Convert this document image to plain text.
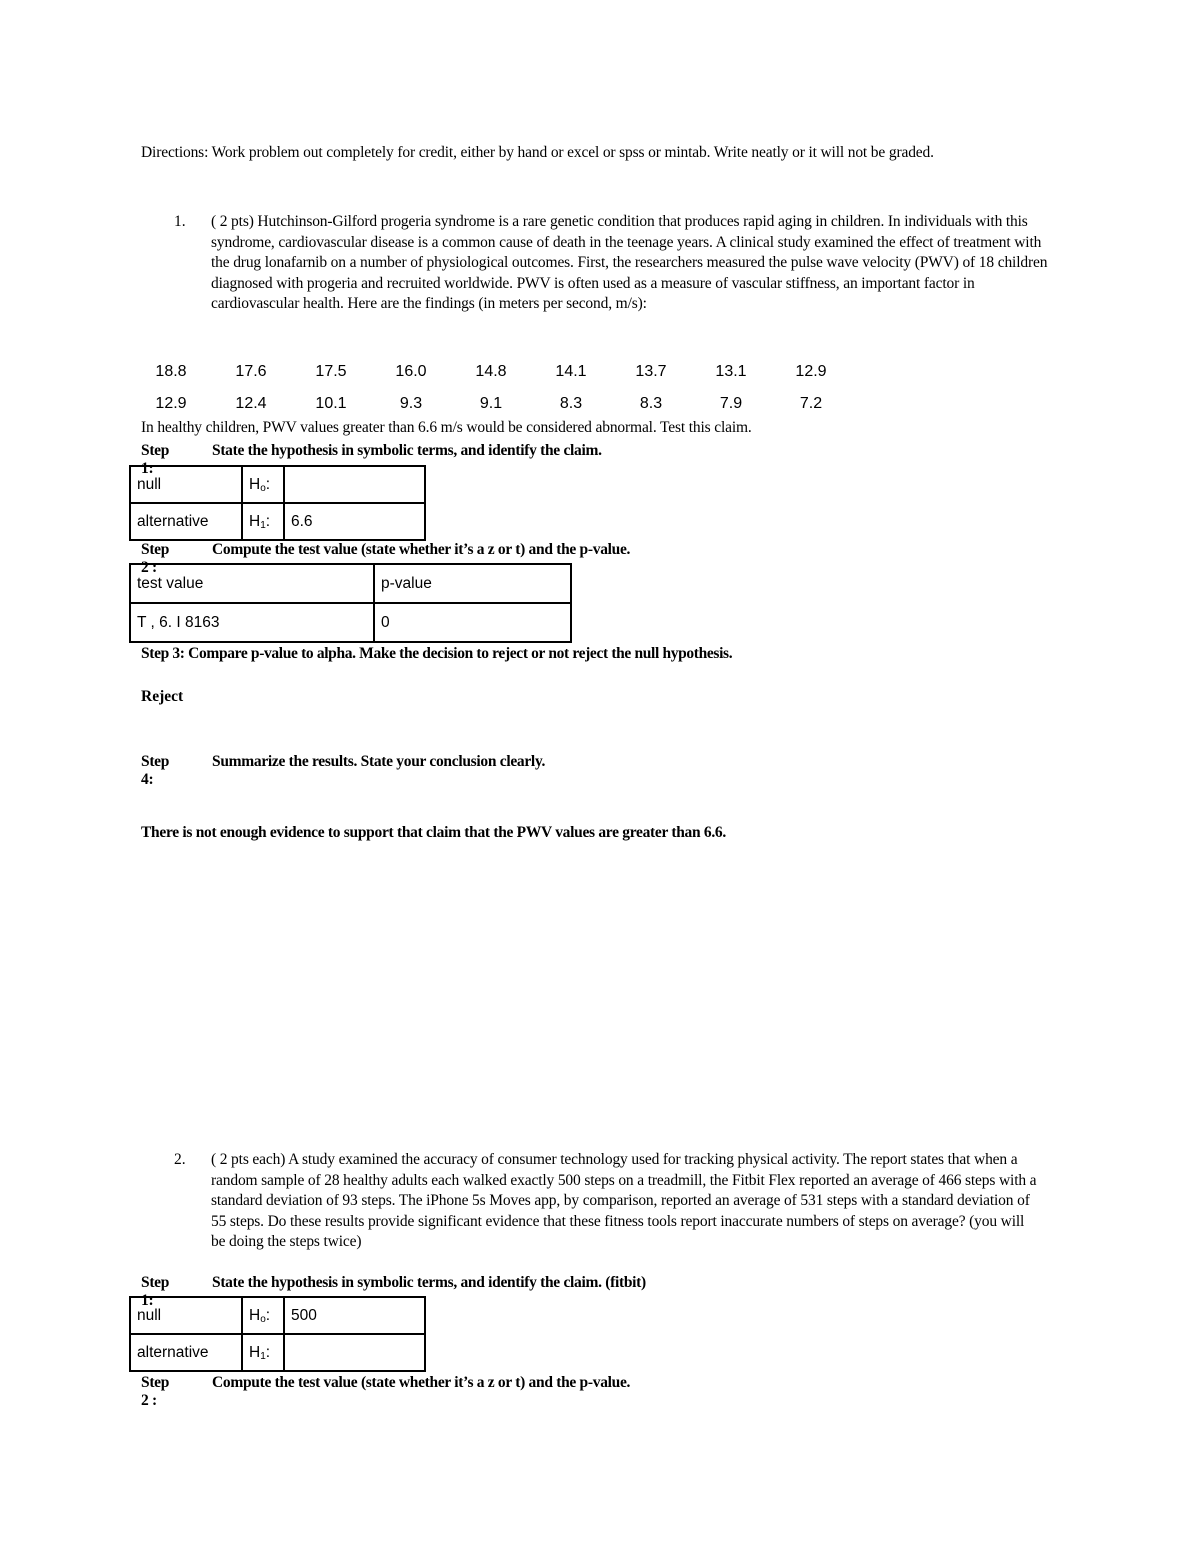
Directions: Work problem out completely for credit, either by hand or excel or spss or mintab. Write neatly or it will not be graded.
1. ( 2 pts) Hutchinson-Gilford progeria syndrome is a rare genetic condition that produces rapid aging in children. In individuals with this syndrome, cardiovascular disease is a common cause of death in the teenage years. A clinical study examined the effect of treatment with the drug lonafarnib on a number of physiological outcomes. First, the researchers measured the pulse wave velocity (PWV) of 18 children diagnosed with progeria and recruited worldwide. PWV is often used as a measure of vascular stiffness, an important factor in cardiovascular health. Here are the findings (in meters per second, m/s):
18.8	17.6	17.5	16.0	14.8	14.1	13.7	13.1	12.9
12.9	12.4	10.1	9.3	9.1	8.3	8.3	7.9	7.2
In healthy children, PWV values greater than 6.6 m/s would be considered abnormal. Test this claim.
Step 1:
State the hypothesis in symbolic terms, and identify the claim.
null	$H_o$:	
alternative	$H_1$:	6.6
Step 2 :
Compute the test value (state whether it’s a z or t) and the p-value.
test value	p-value
T , 6. I 8163	0
Step 3: Compare p-value to alpha. Make the decision to reject or not reject the null hypothesis.
Reject
Step 4:
Summarize the results. State your conclusion clearly.
There is not enough evidence to support that claim that the PWV values are greater than 6.6.
2. ( 2 pts each) A study examined the accuracy of consumer technology used for tracking physical activity. The report states that when a random sample of 28 healthy adults each walked exactly 500 steps on a treadmill, the Fitbit Flex reported an average of 466 steps with a standard deviation of 93 steps. The iPhone 5s Moves app, by comparison, reported an average of 531 steps with a standard deviation of 55 steps. Do these results provide significant evidence that these fitness tools report inaccurate numbers of steps on average? (you will be doing the steps twice)
Step 1:
State the hypothesis in symbolic terms, and identify the claim. (fitbit)
null	$H_o$:	500
alternative	$H_1$:	
Step 2 :
Compute the test value (state whether it’s a z or t) and the p-value.
